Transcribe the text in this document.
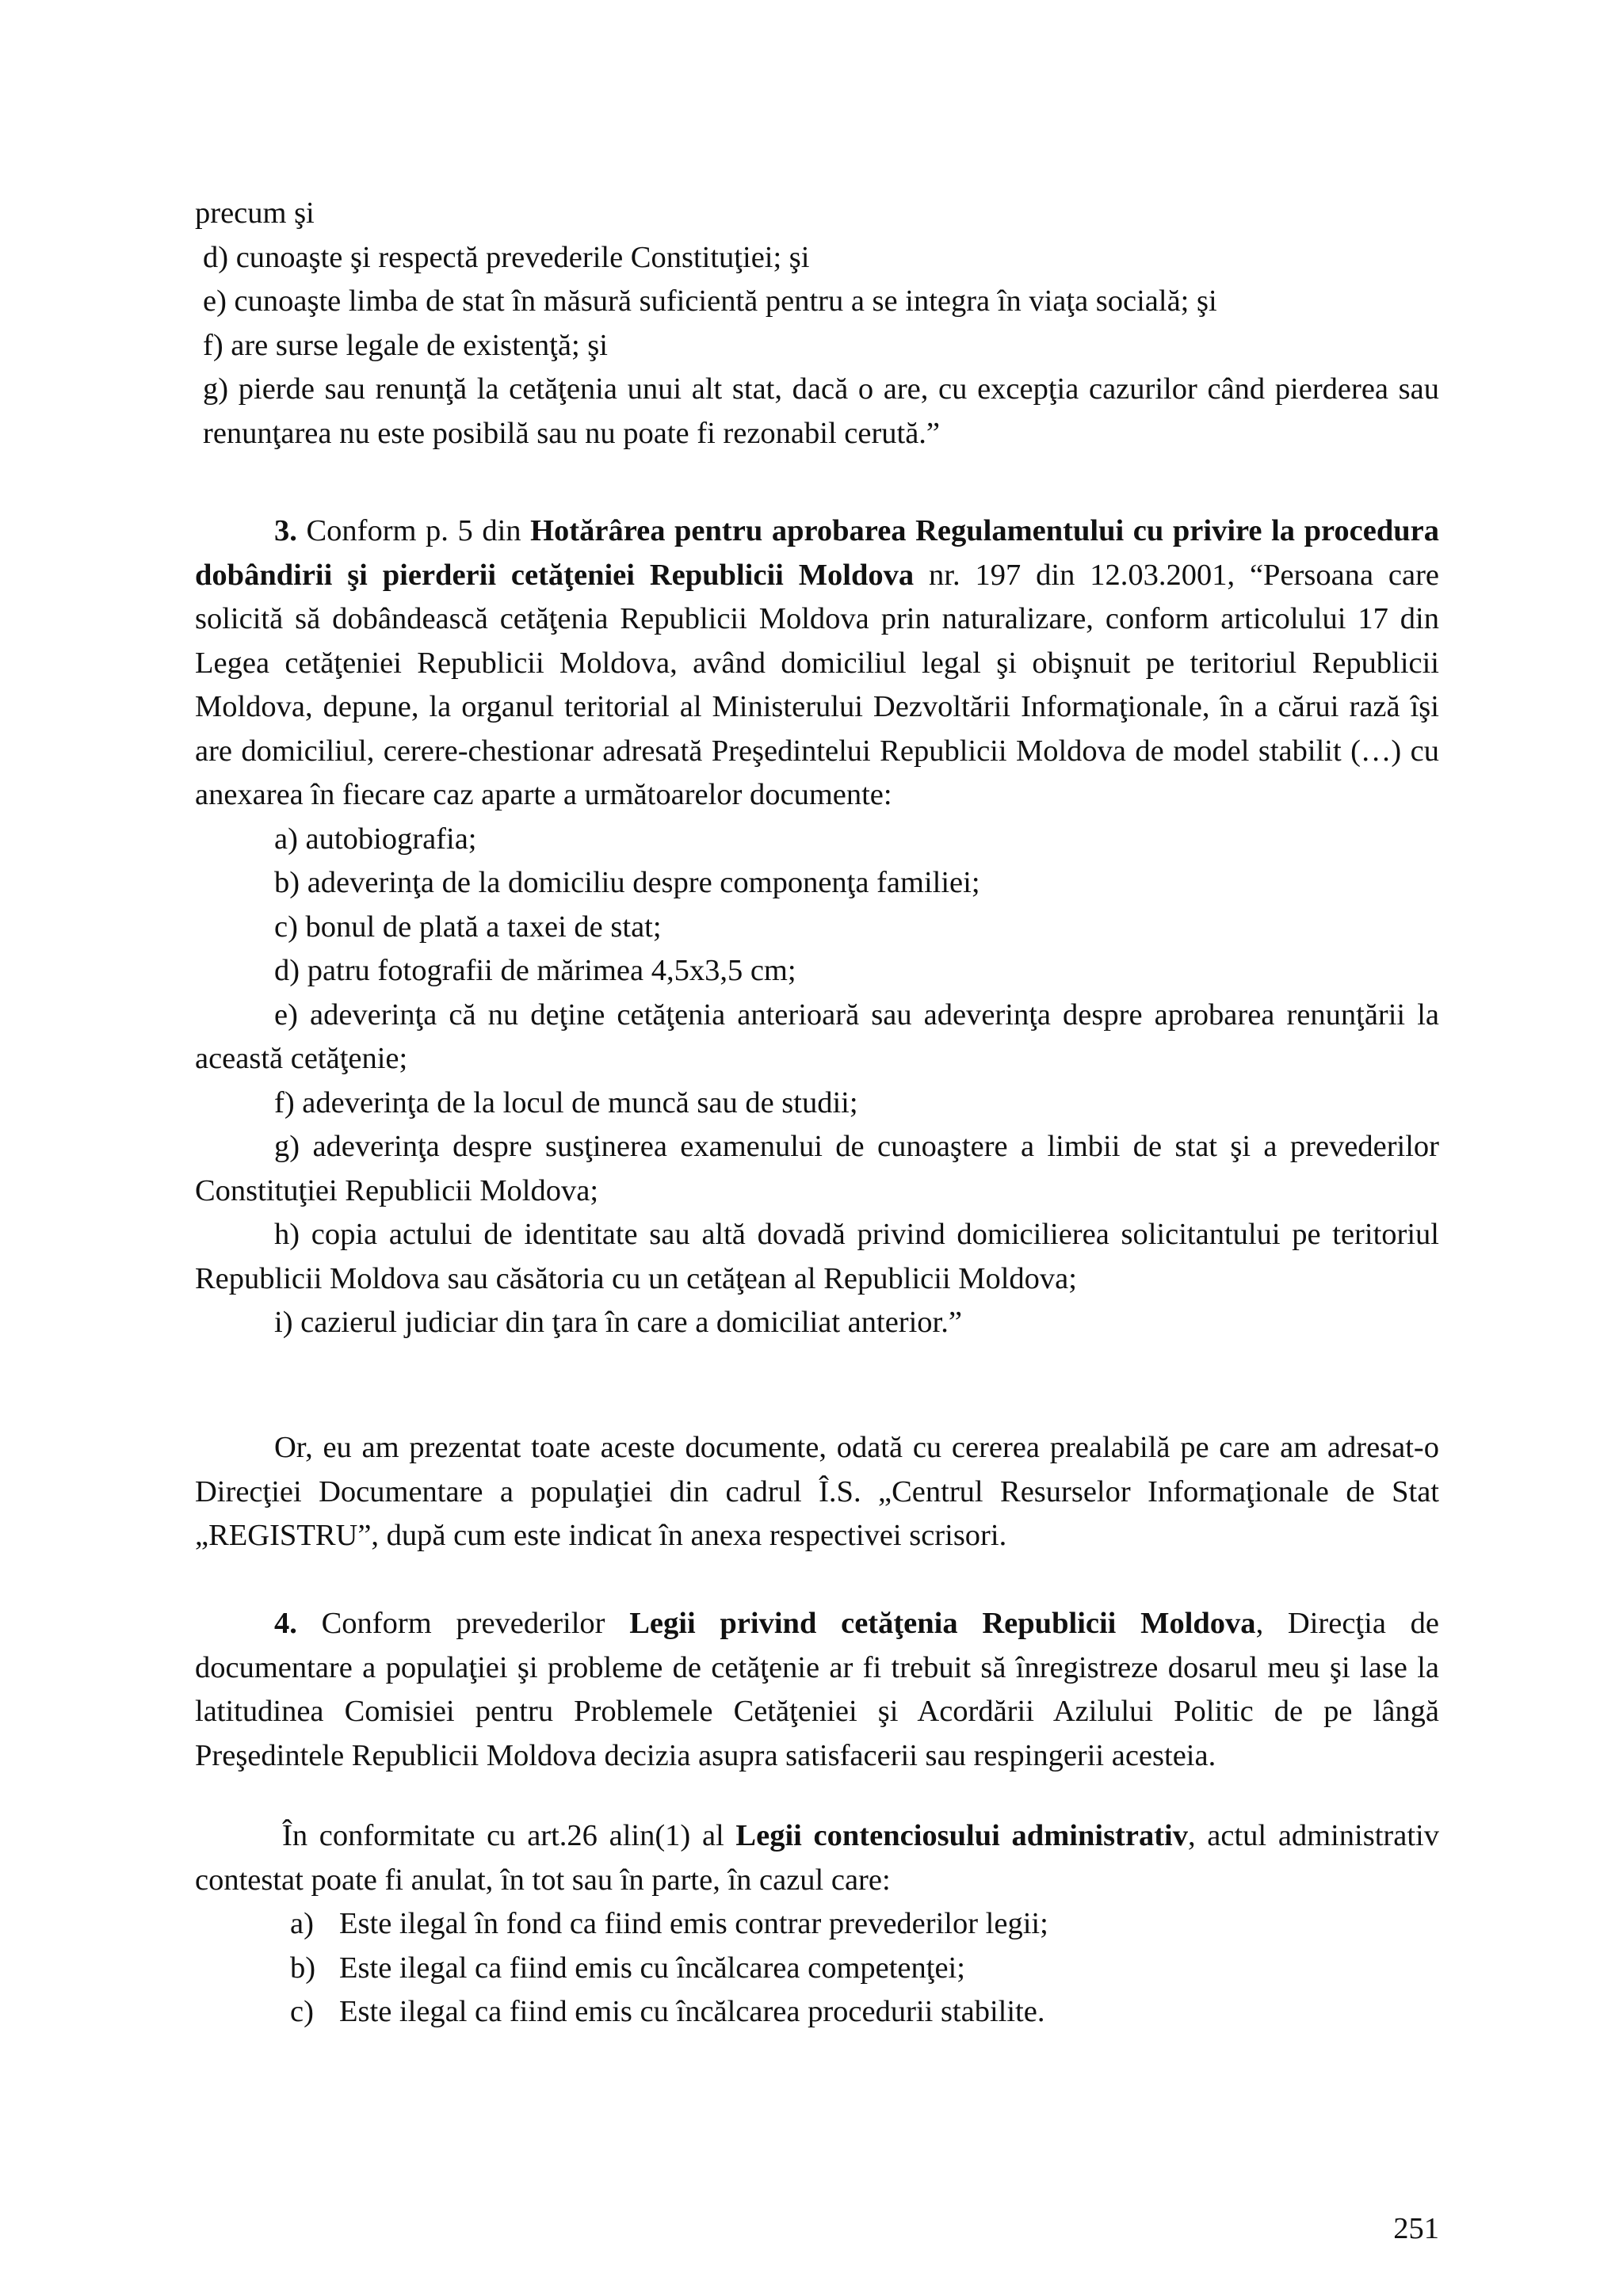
precum şi

d) cunoaşte şi respectă prevederile Constituţiei; şi

e) cunoaşte limba de stat în măsură suficientă pentru a se integra în viaţa socială; şi

f) are surse legale de existenţă; şi

g) pierde sau renunţă la cetăţenia unui alt stat, dacă o are, cu excepţia cazurilor când pierderea sau renunţarea nu este posibilă sau nu poate fi rezonabil cerută.”

3. Conform p. 5 din Hotărârea pentru aprobarea Regulamentului cu privire la procedura dobândirii şi pierderii cetăţeniei Republicii Moldova nr. 197 din 12.03.2001, “Persoana care solicită să dobândească cetăţenia Republicii Moldova prin naturalizare, conform articolului 17 din Legea cetăţeniei Republicii Moldova, având domiciliul legal şi obişnuit pe teritoriul Republicii Moldova, depune, la organul teritorial al Ministerului Dezvoltării Informaţionale, în a cărui rază îşi are domiciliul, cerere-chestionar adresată Preşedintelui Republicii Moldova de model stabilit (…) cu anexarea în fiecare caz aparte a următoarelor documente:

a) autobiografia;

b) adeverinţa de la domiciliu despre componenţa familiei;

c) bonul de plată a taxei de stat;

d) patru fotografii de mărimea 4,5x3,5 cm;

e) adeverinţa că nu deţine cetăţenia anterioară sau adeverinţa despre aprobarea renunţării la această cetăţenie;

f) adeverinţa de la locul de muncă sau de studii;

g) adeverinţa despre susţinerea examenului de cunoaştere a limbii de stat şi a prevederilor Constituţiei Republicii Moldova;

h) copia actului de identitate sau altă dovadă privind domicilierea solicitantului pe teritoriul Republicii Moldova sau căsătoria cu un cetăţean al Republicii Moldova;

i) cazierul judiciar din ţara în care a domiciliat anterior.”

Or, eu am prezentat toate aceste documente, odată cu cererea prealabilă pe care am adresat-o Direcţiei Documentare a populaţiei din cadrul Î.S. „Centrul Resurselor Informaţionale de Stat „REGISTRU”, după cum este indicat în anexa respectivei scrisori.

4. Conform prevederilor Legii privind cetăţenia Republicii Moldova, Direcţia de documentare a populaţiei şi probleme de cetăţenie ar fi trebuit să înregistreze dosarul meu şi lase la latitudinea Comisiei pentru Problemele Cetăţeniei şi Acordării Azilului Politic de pe lângă Preşedintele Republicii Moldova decizia asupra satisfacerii sau respingerii acesteia.

În conformitate cu art.26 alin(1) al Legii contenciosului administrativ, actul administrativ contestat poate fi anulat, în tot sau în parte, în cazul care:

a) Este ilegal în fond ca fiind emis contrar prevederilor legii;
b) Este ilegal ca fiind emis cu încălcarea competenţei;
c) Este ilegal ca fiind emis cu încălcarea procedurii stabilite.
251
